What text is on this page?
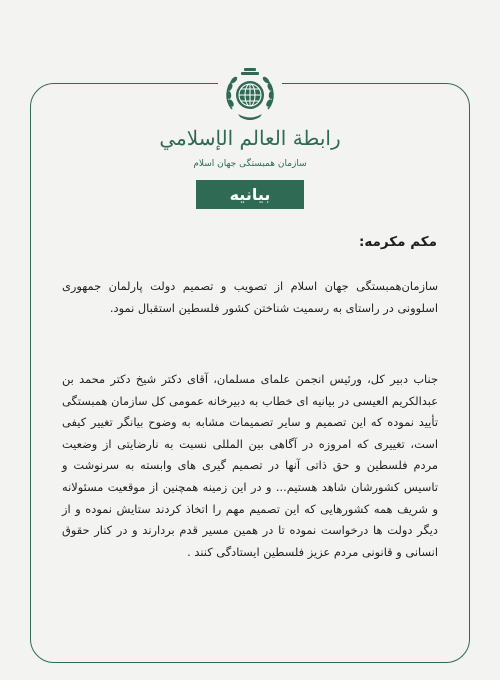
رابطة العالم الإسلامي
سازمان همبستگی جهان اسلام
بیانیه
مکم مکرمه:
سازمان‌همبستگی جهان اسلام از تصویب و تصمیم دولت پارلمان جمهوری اسلوونی در راستای به رسمیت شناختن کشور فلسطین استقبال نمود.
جناب دبیر کل، ورئیس انجمن علمای مسلمان، آقای دکتر شیخ دکتر محمد بن عبدالکریم العیسی در بیانیه ای خطاب به دبیرخانه عمومی کل سازمان همبستگی تأیید نموده که این تصمیم و سایر تصمیمات مشابه به وضوح بیانگر تغییر کیفی است، تغییری که امروزه در آگاهی بین المللی نسبت به نارضایتی از وضعیت مردم فلسطین و حق ذاتی آنها در تصمیم گیری های وابسته به سرنوشت و تاسیس کشورشان شاهد هستیم... و در این زمینه همچنین از موقعیت مسئولانه و شریف همه کشورهایی که این تصمیم مهم را اتخاذ کردند ستایش نموده و از دیگر دولت ها درخواست نموده تا در همین مسیر قدم بردارند و در کنار حقوق انسانی و قانونی مردم عزیز فلسطین ایستادگی کنند .
